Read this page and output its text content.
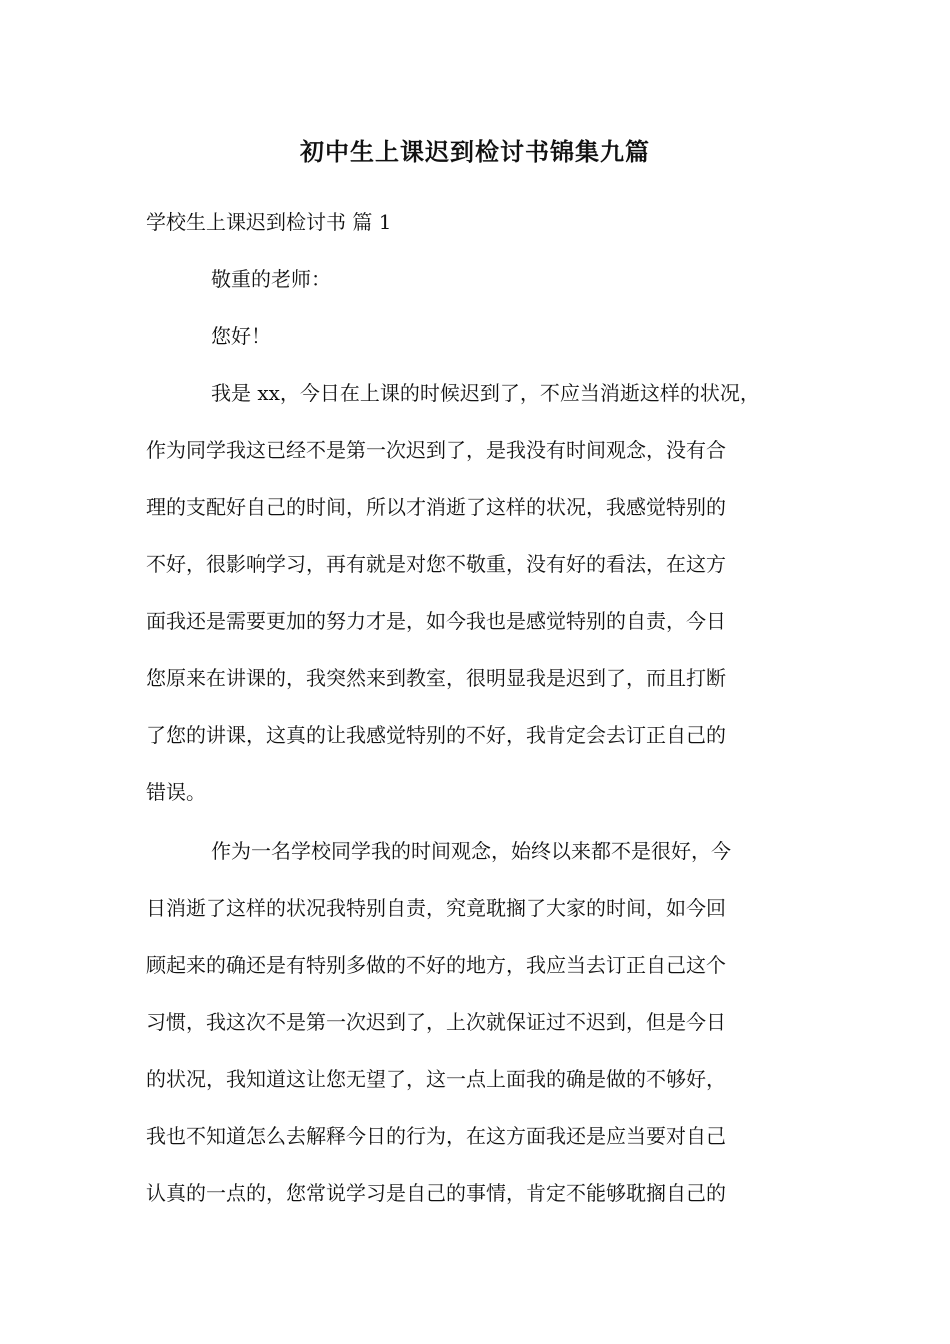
初中生上课迟到检讨书锦集九篇
学校生上课迟到检讨书 篇 1
敬重的老师：
您好！
我是 xx，今日在上课的时候迟到了，不应当消逝这样的状况，
作为同学我这已经不是第一次迟到了，是我没有时间观念，没有合
理的支配好自己的时间，所以才消逝了这样的状况，我感觉特别的
不好，很影响学习，再有就是对您不敬重，没有好的看法，在这方
面我还是需要更加的努力才是，如今我也是感觉特别的自责，今日
您原来在讲课的，我突然来到教室，很明显我是迟到了，而且打断
了您的讲课，这真的让我感觉特别的不好，我肯定会去订正自己的
错误。
作为一名学校同学我的时间观念，始终以来都不是很好，今
日消逝了这样的状况我特别自责，究竟耽搁了大家的时间，如今回
顾起来的确还是有特别多做的不好的地方，我应当去订正自己这个
习惯，我这次不是第一次迟到了，上次就保证过不迟到，但是今日
的状况，我知道这让您无望了，这一点上面我的确是做的不够好，
我也不知道怎么去解释今日的行为，在这方面我还是应当要对自己
认真的一点的，您常说学习是自己的事情，肯定不能够耽搁自己的
